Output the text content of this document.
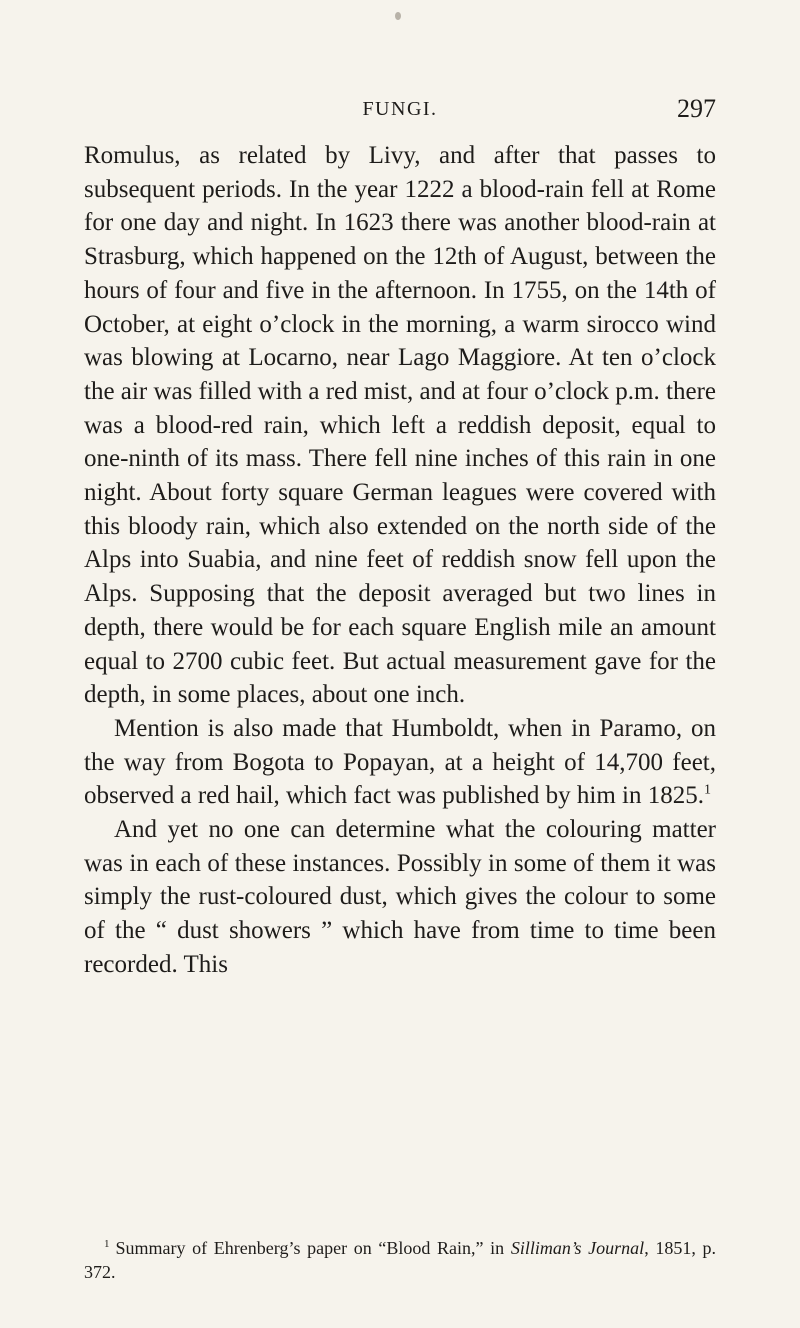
FUNGI.	297

Romulus, as related by Livy, and after that passes to subsequent periods. In the year 1222 a blood-rain fell at Rome for one day and night. In 1623 there was another blood-rain at Strasburg, which happened on the 12th of August, between the hours of four and five in the afternoon. In 1755, on the 14th of October, at eight o’clock in the morning, a warm sirocco wind was blowing at Locarno, near Lago Maggiore. At ten o’clock the air was filled with a red mist, and at four o’clock p.m. there was a blood-red rain, which left a reddish deposit, equal to one-ninth of its mass. There fell nine inches of this rain in one night. About forty square German leagues were covered with this bloody rain, which also extended on the north side of the Alps into Suabia, and nine feet of reddish snow fell upon the Alps. Supposing that the deposit averaged but two lines in depth, there would be for each square English mile an amount equal to 2700 cubic feet. But actual measurement gave for the depth, in some places, about one inch.

Mention is also made that Humboldt, when in Paramo, on the way from Bogota to Popayan, at a height of 14,700 feet, observed a red hail, which fact was published by him in 1825.$^1$

And yet no one can determine what the colouring matter was in each of these instances. Possibly in some of them it was simply the rust-coloured dust, which gives the colour to some of the “ dust showers ” which have from time to time been recorded. This

$^1$ Summary of Ehrenberg’s paper on “Blood Rain,” in Silliman’s Journal, 1851, p. 372.
